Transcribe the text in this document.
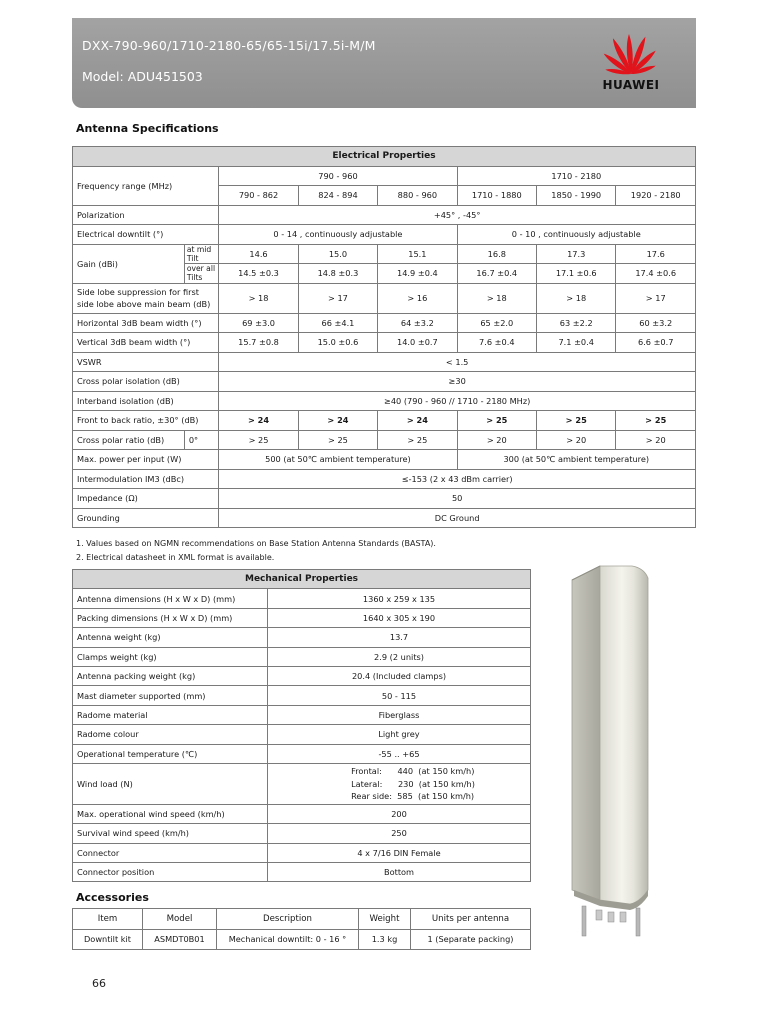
DXX-790-960/1710-2180-65/65-15i/17.5i-M/M
Model: ADU451503
HUAWEI
Antenna Specifications
Electrical Properties							
Frequency range (MHz)		790 - 960			1710 - 2180		
		790 - 862	824 - 894	880 - 960	1710 - 1880	1850 - 1990	1920 - 2180
Polarization		+45° , -45°					
Electrical downtilt (°)		0 - 14 , continuously adjustable			0 - 10 , continuously adjustable		
Gain (dBi)	at mid Tilt	14.6	15.0	15.1	16.8	17.3	17.6
	over all Tilts	14.5 ±0.3	14.8 ±0.3	14.9 ±0.4	16.7 ±0.4	17.1 ±0.6	17.4 ±0.6
Side lobe suppression for first side lobe above main beam (dB)		> 18	> 17	> 16	> 18	> 18	> 17
Horizontal 3dB beam width (°)		69 ±3.0	66 ±4.1	64 ±3.2	65 ±2.0	63 ±2.2	60 ±3.2
Vertical 3dB beam width (°)		15.7 ±0.8	15.0 ±0.6	14.0 ±0.7	7.6 ±0.4	7.1 ±0.4	6.6 ±0.7
VSWR		< 1.5					
Cross polar isolation (dB)		≥30					
Interband isolation (dB)		≥40 (790 - 960 // 1710 - 2180 MHz)					
Front to back ratio, ±30° (dB)		> 24	> 24	> 24	> 25	> 25	> 25
Cross polar ratio (dB)	0°	> 25	> 25	> 25	> 20	> 20	> 20
Max. power per input (W)		500 (at 50℃ ambient temperature)			300 (at 50℃ ambient temperature)		
Intermodulation IM3 (dBc)		≤-153 (2 x 43 dBm carrier)					
Impedance (Ω)		50					
Grounding		DC Ground					
1. Values based on NGMN recommendations on Base Station Antenna Standards (BASTA).
2. Electrical datasheet in XML format is available.
Mechanical Properties	
Antenna dimensions (H x W x D) (mm)	1360 x 259 x 135
Packing dimensions (H x W x D) (mm)	1640 x 305 x 190
Antenna weight (kg)	13.7
Clamps weight (kg)	2.9 (2 units)
Antenna packing weight (kg)	20.4 (Included clamps)
Mast diameter supported (mm)	50 - 115
Radome material	Fiberglass
Radome colour	Light grey
Operational temperature (℃)	-55 .. +65
Wind load (N)	Frontal:      440  (at 150 km/h)
Lateral:      230  (at 150 km/h)
Rear side:  585  (at 150 km/h)

Max. operational wind speed (km/h)	200
Survival wind speed (km/h)	250
Connector	4 x 7/16 DIN Female
Connector position	Bottom
Accessories
Item	Model	Description	Weight	Units per antenna
Downtilt kit	ASMDT0B01	Mechanical downtilt: 0 - 16 °	1.3 kg	1 (Separate packing)
66
